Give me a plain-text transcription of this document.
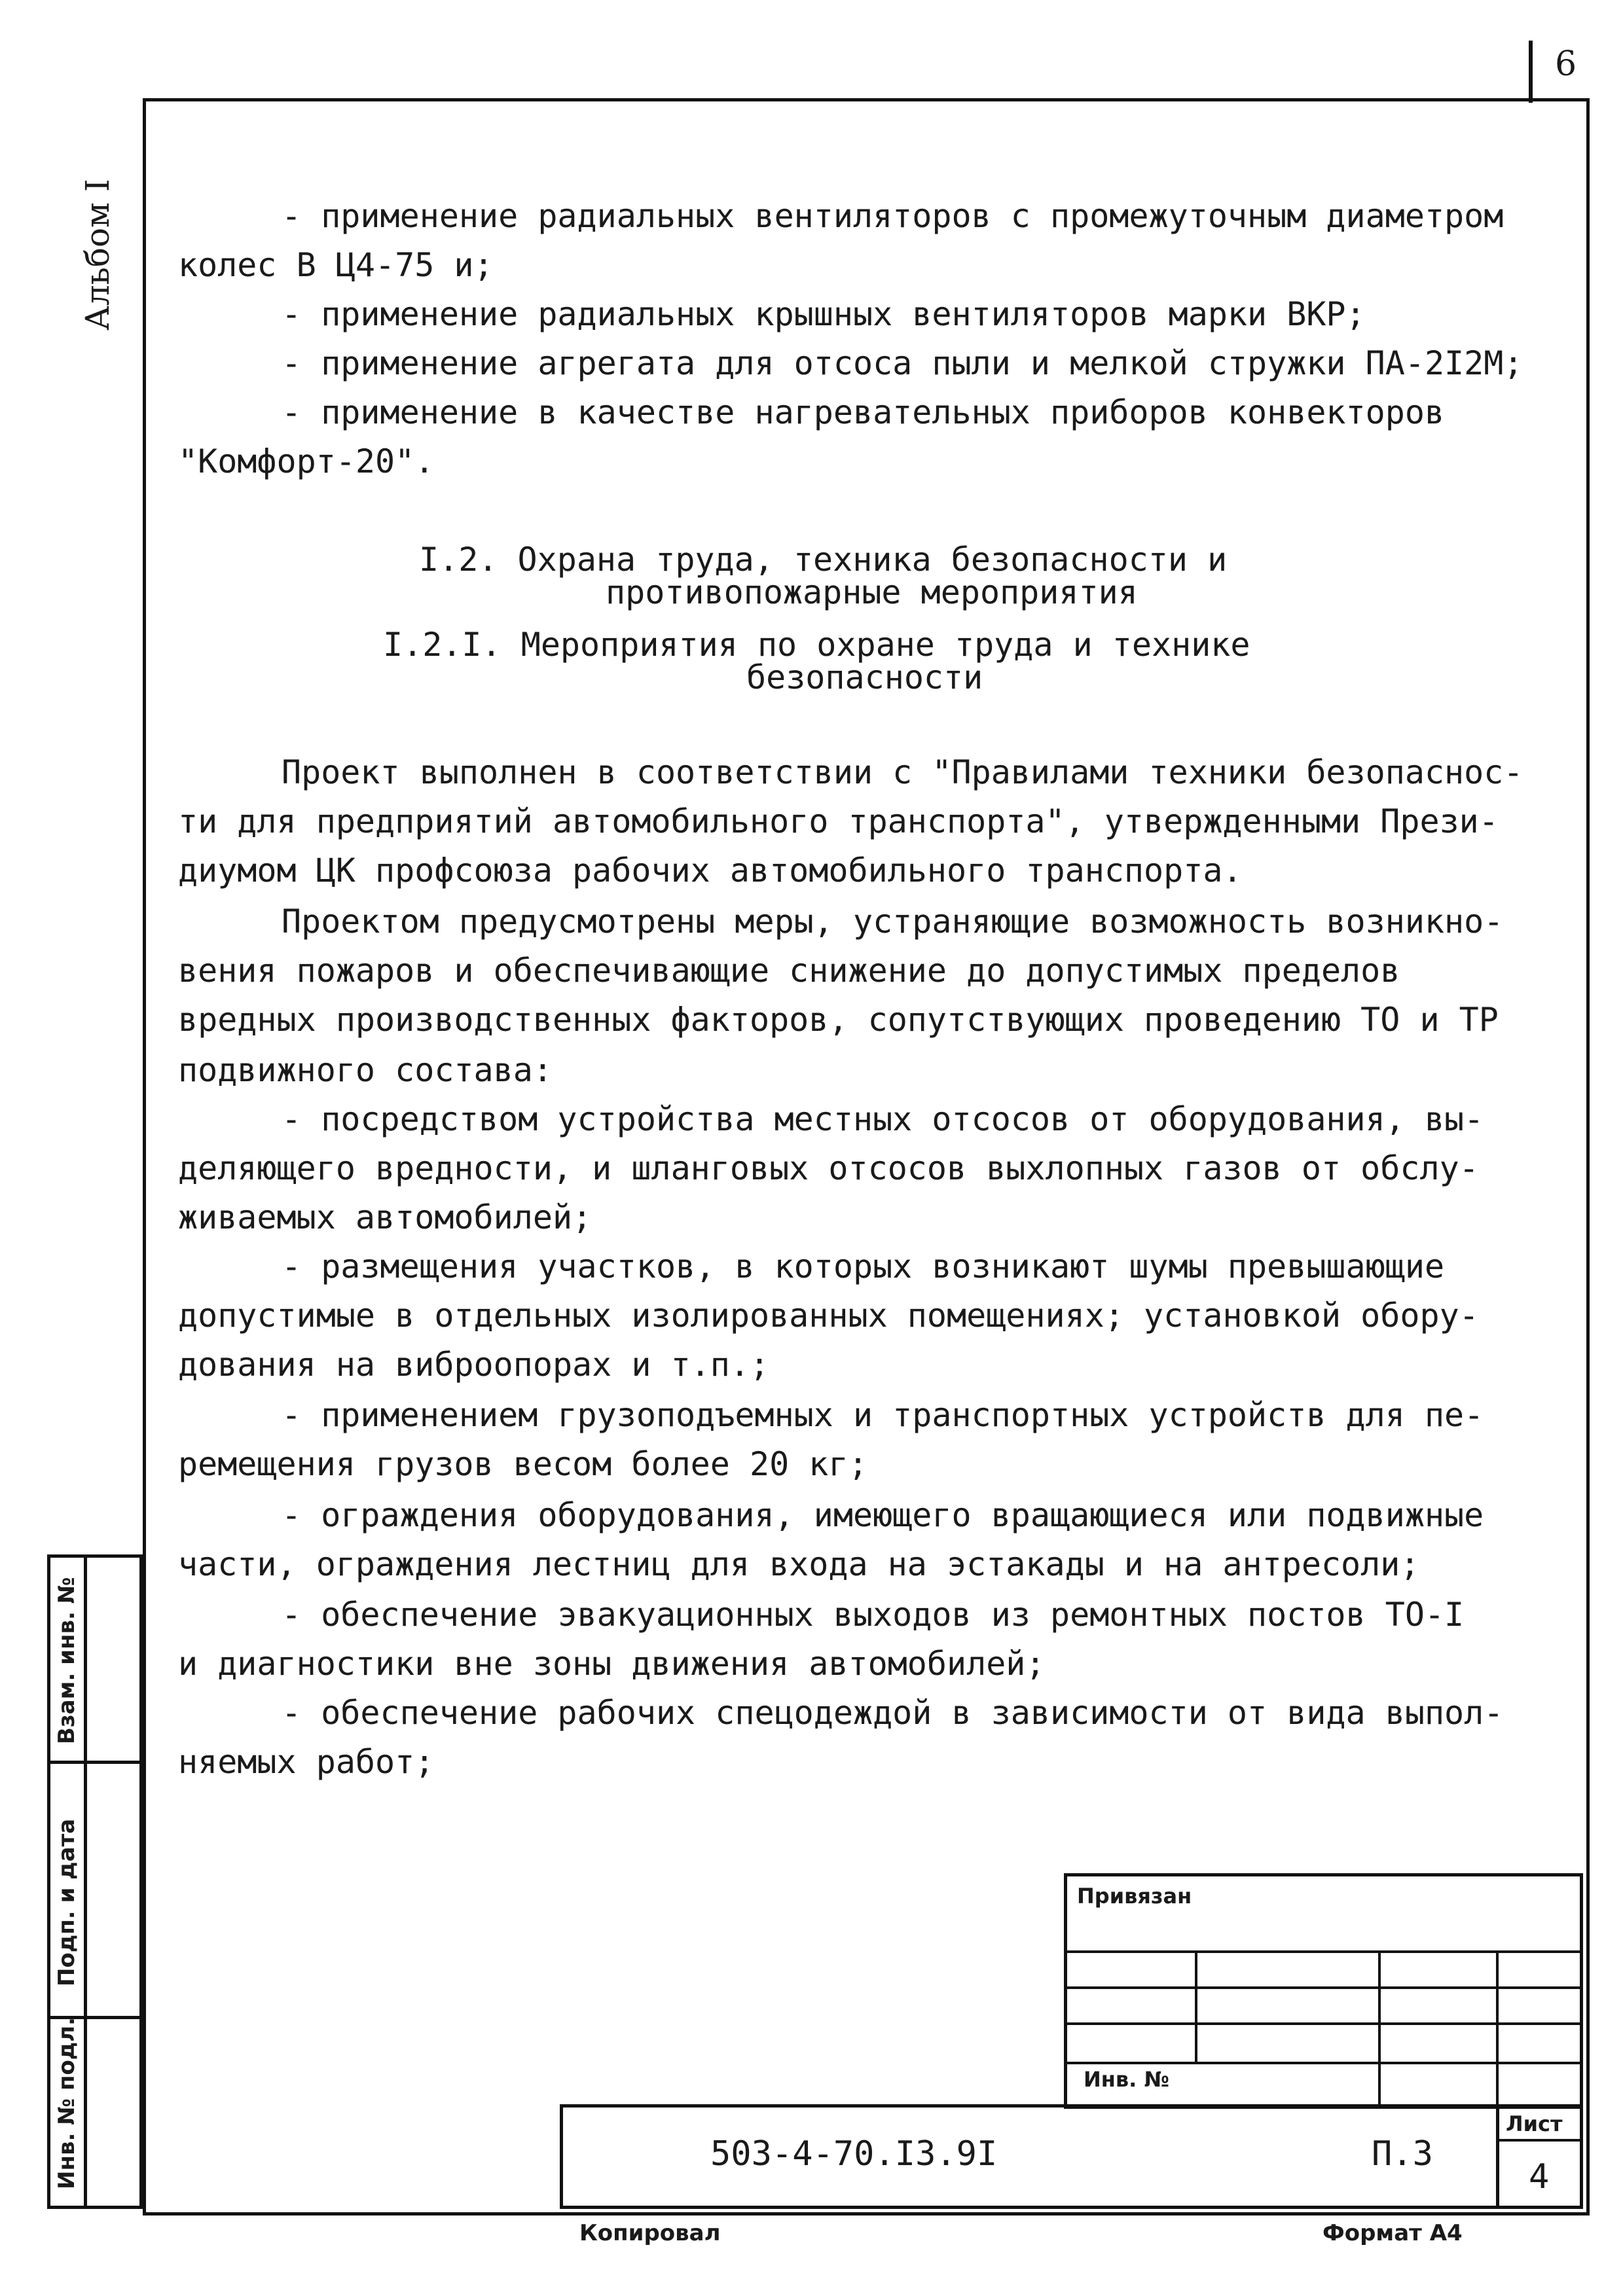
6
Альбом I	- применение радиальных вентиляторов с промежуточным диаметром
колес В Ц4-75 и;
- применение радиальных крышных вентиляторов марки ВКР;
- применение агрегата для отсоса пыли и мелкой стружки ПА-2I2М;
- применение в качестве нагревательных приборов конвекторов
"Комфорт-20".
I.2. Охрана труда, техника безопасности и
противопожарные мероприятия
I.2.I. Мероприятия по охране труда и технике
безопасности
Проект выполнен в соответствии с "Правилами техники безопаснос-
ти для предприятий автомобильного транспорта", утвержденными Прези-
диумом ЦК профсоюза рабочих автомобильного транспорта.
Проектом предусмотрены меры, устраняющие возможность возникно-
вения пожаров и обеспечивающие снижение до допустимых пределов
вредных производственных факторов, сопутствующих проведению ТО и ТР
подвижного состава:
- посредством устройства местных отсосов от оборудования, вы-
деляющего вредности, и шланговых отсосов выхлопных газов от обслу-
живаемых автомобилей;
- размещения участков, в которых возникают шумы превышающие
допустимые в отдельных изолированных помещениях; установкой обору-
дования на виброопорах и т.п.;
- применением грузоподъемных и транспортных устройств для пе-
ремещения грузов весом более 20 кг;
- ограждения оборудования, имеющего вращающиеся или подвижные
части, ограждения лестниц для входа на эстакады и на антресоли;
- обеспечение эвакуационных выходов из ремонтных постов ТО-I
и диагностики вне зоны движения автомобилей;
- обеспечение рабочих спецодеждой в зависимости от вида выпол-
няемых работ;
Взам. инв. №
Подп. и дата
Инв. № подл.
Привязан
Инв. №
503-4-70.I3.9I	П.3
Лист
4
Копировал	Формат А4
